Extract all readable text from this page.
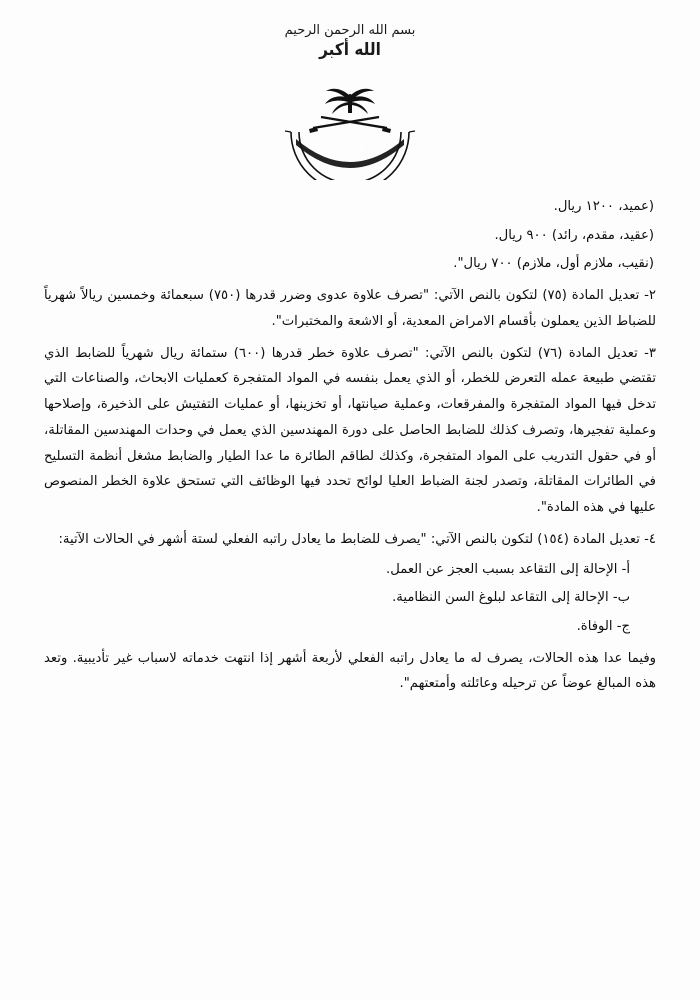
بسم الله الرحمن الرحيم
الله أكبر
المملكة

(عميد، ١٢٠٠ ريال.

(عقيد، مقدم، رائد) ٩٠٠ ريال.

(نقيب، ملازم أول، ملازم) ٧٠٠ ريال".

٢- تعديل المادة (٧٥) لتكون بالنص الآتي: "تصرف علاوة عدوى وضرر قدرها (٧٥٠) سبعمائة وخمسين ريالاً شهرياً للضباط الذين يعملون بأقسام الامراض المعدية، أو الاشعة والمختبرات".

٣- تعديل المادة (٧٦) لتكون بالنص الآتي: "تصرف علاوة خطر قدرها (٦٠٠) ستمائة ريال شهرياً للضابط الذي تقتضي طبيعة عمله التعرض للخطر، أو الذي يعمل بنفسه في المواد المتفجرة كعمليات الابحاث، والصناعات التي تدخل فيها المواد المتفجرة والمفرقعات، وعملية صيانتها، أو تخزينها، أو عمليات التفتيش على الذخيرة، وإصلاحها وعملية تفجيرها، وتصرف كذلك للضابط الحاصل على دورة المهندسين الذي يعمل في وحدات المهندسين المقاتلة، أو في حقول التدريب على المواد المتفجرة، وكذلك لطاقم الطائرة ما عدا الطيار والضابط مشغل أنظمة التسليح في الطائرات المقاتلة، وتصدر لجنة الضباط العليا لوائح تحدد فيها الوظائف التي تستحق علاوة الخطر المنصوص عليها في هذه المادة".

٤- تعديل المادة (١٥٤) لتكون بالنص الآتي: "يصرف للضابط ما يعادل راتبه الفعلي لستة أشهر في الحالات الآتية:

أ- الإحالة إلى التقاعد بسبب العجز عن العمل.

ب- الإحالة إلى التقاعد لبلوغ السن النظامية.

ج- الوفاة.

وفيما عدا هذه الحالات، يصرف له ما يعادل راتبه الفعلي لأربعة أشهر إذا انتهت خدماته لاسباب غير تأديبية. وتعد هذه المبالغ عوضاً عن ترحيله وعائلته وأمتعتهم".
